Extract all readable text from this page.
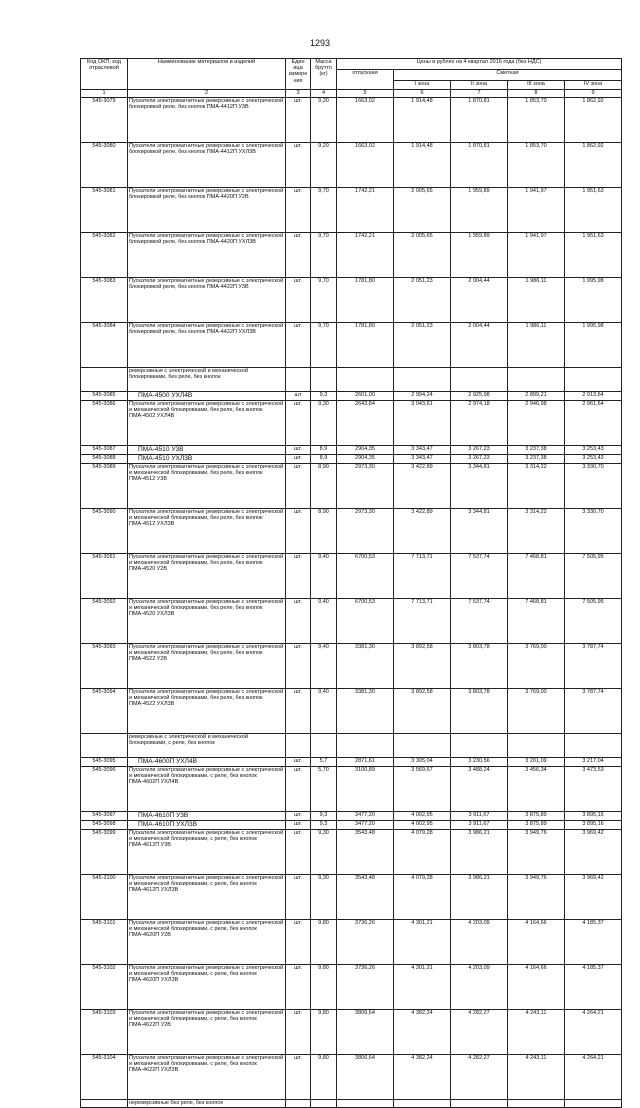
1293
Код ОКП, код отраслевой	Наименование материалов и изделий	Един ица измере ния	Масса брутто (кг)	Цены в рублях на 4 квартал 2016 года (без НДС)				
				отпускная	Сметная			
					I зона	II зона	III зона	IV зона
1	2	3	4	5	6	7	8	9
545-3079	Пускатели электромагнитные реверсивные с электрической блокировкой реле, без кнопок ПМА-4412П У3В	шт.	9,20	1663,02	1 914,48	1 870,81	1 853,70	1 862,92
545-3080	Пускатели электромагнитные реверсивные с электрической блокировкой реле, без кнопок ПМА-4412П УХЛ3В	шт.	9,20	1663,02	1 914,48	1 870,81	1 853,70	1 862,92
545-3081	Пускатели электромагнитные реверсивные с электрической блокировкой реле, без кнопок ПМА-4420П У2В	шт.	9,70	1742,21	2 005,65	1 959,89	1 941,97	1 951,63
545-3082	Пускатели электромагнитные реверсивные с электрической блокировкой реле, без кнопок ПМА-4420П УХЛ3В	шт.	9,70	1742,21	2 005,65	1 959,89	1 941,97	1 951,63
545-3083	Пускатели электромагнитные реверсивные с электрической блокировкой реле, без кнопок ПМА-4422П У3В	шт.	9,70	1781,80	2 051,23	2 004,44	1 986,11	1 995,98
545-3084	Пускатели электромагнитные реверсивные с электрической блокировкой реле, без кнопок ПМА-4422П УХЛ3В	шт.	9,70	1781,80	2 051,23	2 004,44	1 986,11	1 995,98
	реверсивные с электрической и механической блокировками, без реле, без кнопок							
545-3085	ПМА-4500 УХЛ4В	шт	9,3	2601,00	2 994,24	2 925,98	2 899,21	2 913,64
545-3086	Пускатели электромагнитные реверсивные с электрической и механической блокировками, без реле, без кнопок ПМА-4502 УХЛ4В	шт.	9,30	2643,84	3 043,61	2 974,18	2 946,98	2 961,64
545-3087	ПМА-4510 У3В	шт.	8,9	2904,35	3 343,47	3 267,23	3 237,38	3 253,43
545-3088	ПМА-4510 УХЛ3В	шт.	8,9	2904,35	3 343,47	3 267,23	3 237,38	3 253,43
545-3089	Пускатели электромагнитные реверсивные с электрической и механической блокировками, без реле, без кнопок ПМА-4512 У3В	шт.	8,90	2973,30	3 422,89	3 344,81	3 314,22	3 330,70
545-3090	Пускатели электромагнитные реверсивные с электрической и механической блокировками, без реле, без кнопок ПМА-4512 УХЛ3В	шт.	8,90	2973,30	3 422,89	3 344,81	3 314,22	3 330,70
545-3091	Пускатели электромагнитные реверсивные с электрической и механической блокировками, без реле, без кнопок ПМА-4520 У2В	шт.	9,40	6700,53	7 713,71	7 537,74	7 468,81	7 505,95
545-3092	Пускатели электромагнитные реверсивные с электрической и механической блокировками, без реле, без кнопок ПМА-4520 УХЛ3В	шт.	9,40	6700,53	7 713,71	7 537,74	7 468,81	7 505,95
545-3093	Пускатели электромагнитные реверсивные с электрической и механической блокировками, без реле, без кнопок ПМА-4522 У2В	шт.	9,40	3381,30	3 892,58	3 803,78	3 769,00	3 787,74
545-3094	Пускатели электромагнитные реверсивные с электрической и механической блокировками, без реле, без кнопок ПМА-4522 УХЛ3В	шт.	9,40	3381,30	3 892,58	3 803,78	3 769,00	3 787,74
	реверсивные с электрической и механической блокировками, с реле, без кнопок							
545-3095	ПМА-4600П УХЛ4В	шт.	5,7	2871,61	3 305,04	3 230,56	3 201,09	3 217,04
545-3096	Пускатели электромагнитные реверсивные с электрической и механической блокировками, с реле, без кнопок ПМА-4602П УХЛ4В	шт.	5,70	3100,89	3 569,67	3 488,24	3 456,34	3 473,53
545-3097	ПМА-4610П У3В	шт.	9,3	3477,20	4 002,95	3 911,67	3 875,89	3 895,16
545-3098	ПМА-4610П УХЛ3В	шт.	9,3	3477,20	4 002,95	3 911,67	3 875,89	3 895,16
545-3099	Пускатели электромагнитные реверсивные с электрической и механической блокировками, с реле, без кнопок ПМА-4612П У3В	шт.	9,30	3543,48	4 079,28	3 986,21	3 949,76	3 969,42
545-3100	Пускатели электромагнитные реверсивные с электрической и механической блокировками, с реле, без кнопок ПМА-4612П УХЛ3В	шт.	9,30	3543,48	4 079,28	3 986,21	3 949,76	3 969,42
545-3101	Пускатели электромагнитные реверсивные с электрической и механической блокировками, с реле, без кнопок ПМА-4620П У2В	шт.	9,80	3736,26	4 301,21	4 203,09	4 164,66	4 185,37
545-3102	Пускатели электромагнитные реверсивные с электрической и механической блокировками, с реле, без кнопок ПМА-4620П УХЛ3В	шт.	9,80	3736,26	4 301,21	4 203,09	4 164,66	4 185,37
545-3103	Пускатели электромагнитные реверсивные с электрической и механической блокировками, с реле, без кнопок ПМА-4622П У2В	шт.	9,80	3806,64	4 382,24	4 282,27	4 243,11	4 264,21
545-3104	Пускатели электромагнитные реверсивные с электрической и механической блокировками, с реле, без кнопок ПМА-4622П УХЛ3В	шт.	9,80	3806,64	4 382,24	4 282,27	4 243,11	4 264,21
	нереверсивные без реле, без кнопок							
